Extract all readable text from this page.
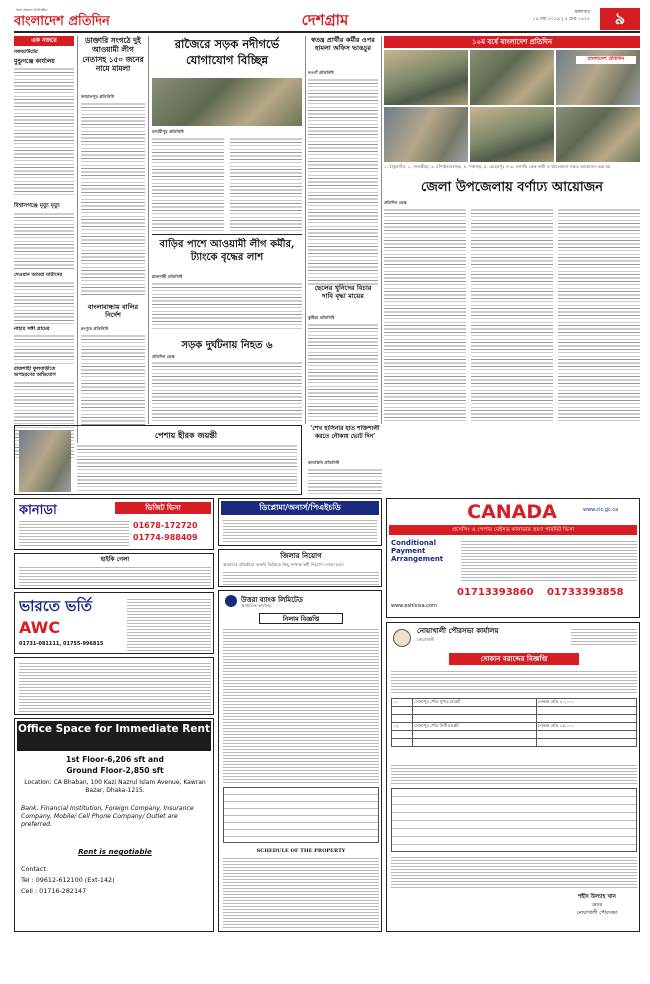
বাংলাদেশ প্রতিদিন
সত্য প্রকাশে আপসহীন
দেশগ্রাম	মঙ্গলবার
১৯ মার্চ ২০১৯ | ৫ চৈত্র ১৪২৫	৯
এক নজরে
নকআউটের
মুন্ডুগঞ্জে কার্যালয়
বিশ্বাসগঞ্জে মৃত্যু মৃত্যু
দেওয়ান আমরা ঘাটাদের
নাহার সঙ্গী গ্রামের
রাজশাহী ফুলবাড়ীতে অপহরণের অভিযোগ
ডাক্তারি সংগঠে দুই আওয়ামী লীগ নেতাসহ ১৫০ জনের নামে মামলা
জামালপুর প্রতিনিধি
বাংলাবান্ধায় বালির নির্দেশ
রংপুরে প্রতিনিধি
রাজৈরে সড়ক নদীগর্ভে যোগাযোগ বিচ্ছিন্ন
মাদারীপুর প্রতিনিধি
স্বতন্ত্র প্রার্থীর কর্মীর ওপর হামলা অফিস ভাঙচুর
নওগাঁ প্রতিনিধি
ছেলের খুনিদের বিচার দাবি বৃদ্ধা মায়ের
কুষ্টিয়া প্রতিনিধি
বাড়ির পাশে আওয়ামী লীগ কর্মীর, ট্যাংকে বৃদ্ধের লাশ
রাজশাহী প্রতিনিধি
সড়ক দুর্ঘটনায় নিহত ৬
প্রতিদিন ডেস্ক
১০ম বর্ষে বাংলাদেশ প্রতিদিন
বাংলাদেশ প্রতিদিন
১. ঠাকুরগাঁও, ২. সাতক্ষীরা, ৩. চাঁপাইনবাবগঞ্জ, ৪. পঞ্চগড়, ৫. মেহেরপুর ও ৬. নওগাঁয় কেক কাটা ও আলোচনা সভার আয়োজন করা হয়
জেলা উপজেলায় বর্ণাঢ্য আয়োজন
প্রতিদিন ডেস্ক
পেশায় হীরক জয়ন্তী
'শেখ হাসিনার হাত শক্তিশালী করতে নৌকায় ভোট দিন'
কালকিনি প্রতিনিধি
কানাডা	ভিজিট ভিসা
01678-172720
01774-988409
ডিপ্লোমা/অনার্স/পিএইচডি	CANADA	www.cic.gc.ca
প্রসেসিং ও পেপার বেইসড কানাডার ভ্রমণ পারমিট ভিসা
Conditional Payment Arrangement
01713393860	01733393858
www.eshivisa.com
জিলার নিয়োগ
আমাদের প্রতিষ্ঠানে জরুরি ভিত্তিতে কিছু সংখ্যক কর্মী নিয়োগ দেওয়া হবে।
উত্তরা ব্যাংক লিমিটেড
আঞ্চলিক কার্যালয়
নিলাম বিজ্ঞপ্তি
SCHEDULE OF THE PROPERTY
হাইকি গেলা
ভারতে ভর্তি
AWC
01731-081111, 01755-996815
Office Space for Immediate Rent
1st Floor-6,206 sft and
Ground Floor-2,850 sft
Location: CA Bhaban, 100 Kazi Nazrul Islam Avenue, Kawran Bazar, Dhaka-1215.
Bank, Financial Institution, Foreign Company, Insurance Company, Mobile/ Cell Phone Company/ Outlet are preferred.
Rent is negotiable
Contact:
Tel : 09612-612100 (Ext-142)
Cell : 01716-282147
নোয়াখালী পৌরসভা কার্যালয়
নোয়াখালী
দোকান বরাদ্দের বিজ্ঞপ্তি
০১	সোনাপুর পৌর সুপার মার্কেট	দোকান প্রতি ২০,০০০

০২	সোনাপুর পৌর সিটি মার্কেট	দোকান প্রতি ১৫,০০০

শহীদ উল্যাহ খান
মেয়র
নোয়াখালী পৌরসভা
